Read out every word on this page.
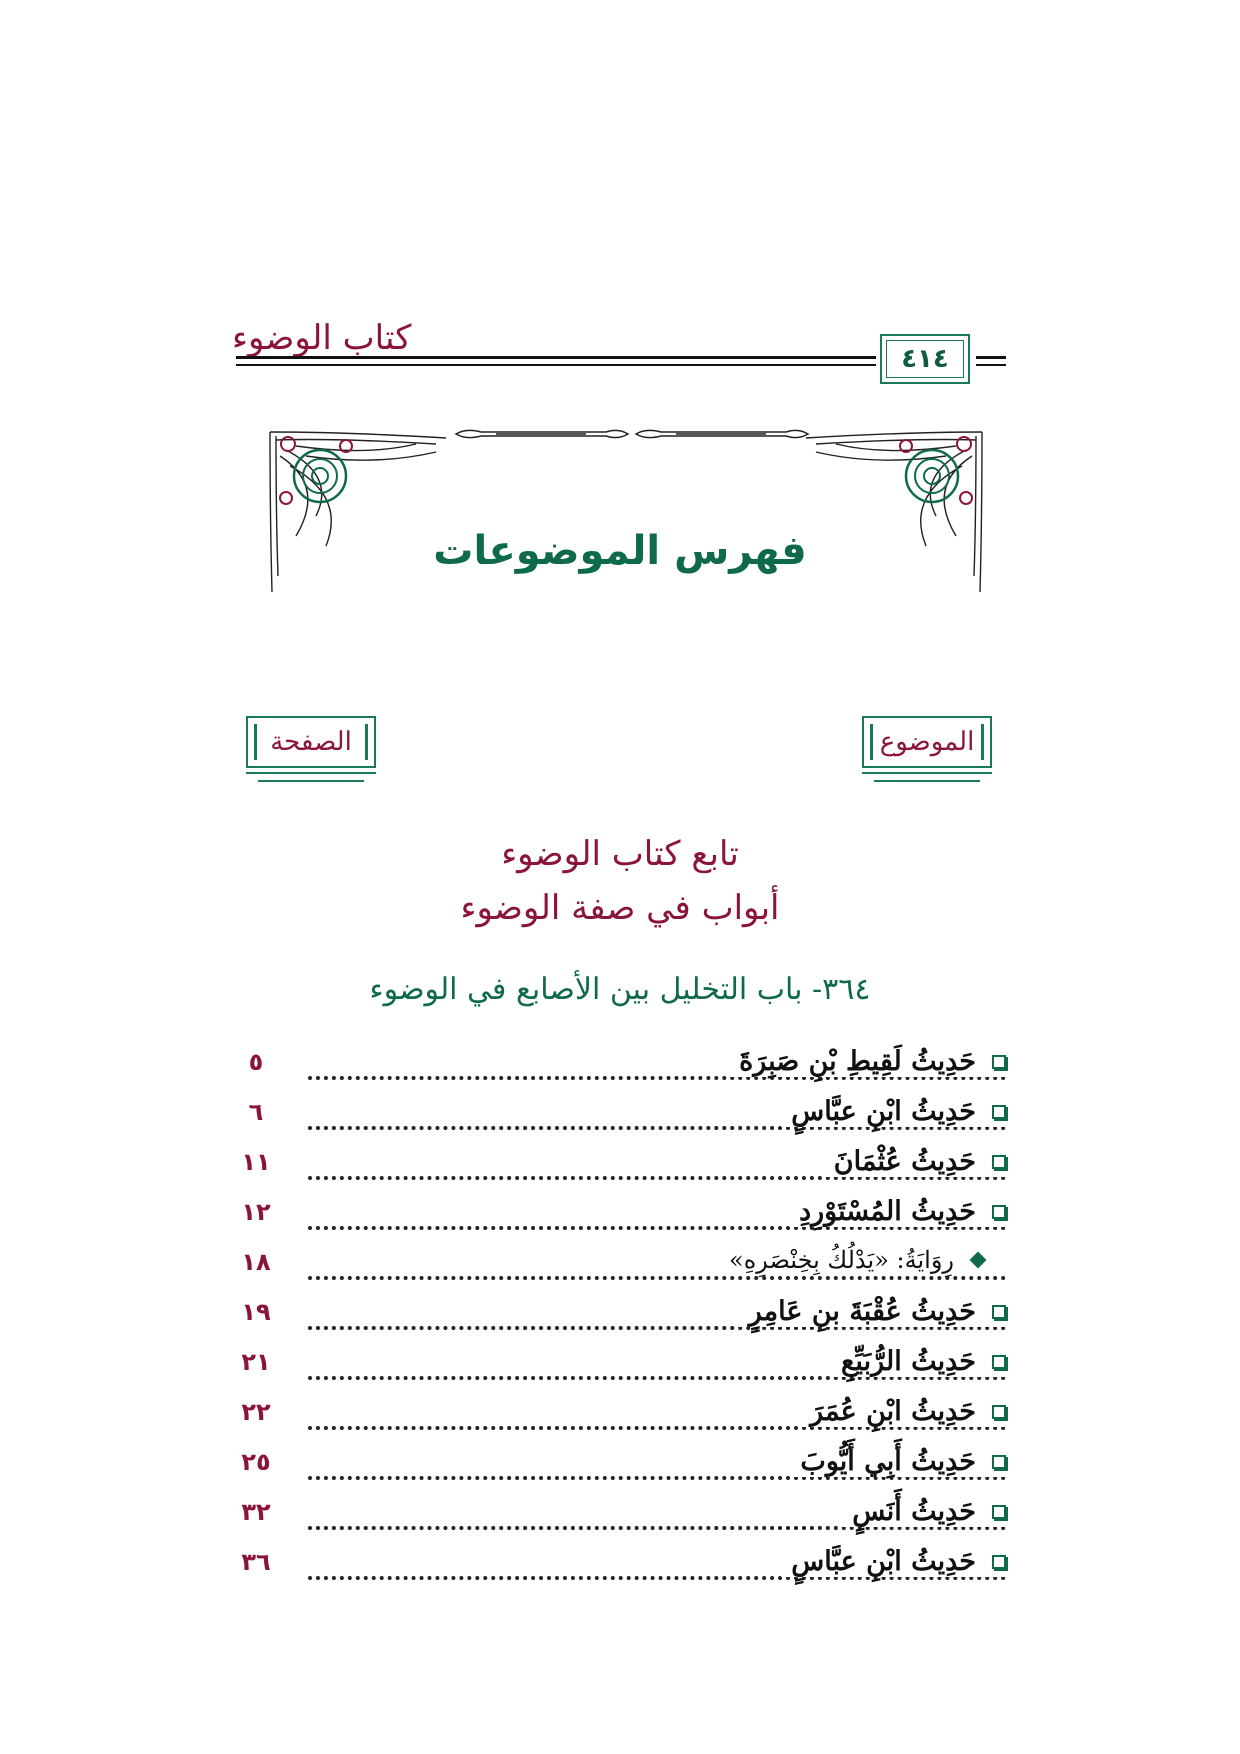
كتاب الوضوء
٤١٤
فهرس الموضوعات
الصفحة	الموضوع
تابع كتاب الوضوء
أبواب في صفة الوضوء
٣٦٤- باب التخليل بين الأصابع في الوضوء
حَدِيثُ لَقِيطِ بْنِ صَبِرَةَ
٥
حَدِيثُ ابْنِ عبَّاسٍ
٦
حَدِيثُ عُثْمَانَ
١١
حَدِيثُ المُسْتَوْرِدِ
١٢
رِوَايَةُ: «يَدْلُكُ بِخِنْصَرِهِ»
١٨
حَدِيثُ عُقْبَةَ بنِ عَامِرٍ
١٩
حَدِيثُ الرُّبَيِّعِ
٢١
حَدِيثُ ابْنِ عُمَرَ
٢٢
حَدِيثُ أَبِي أَيُّوبَ
٢٥
حَدِيثُ أَنَسٍ
٣٢
حَدِيثُ ابْنِ عبَّاسٍ
٣٦
